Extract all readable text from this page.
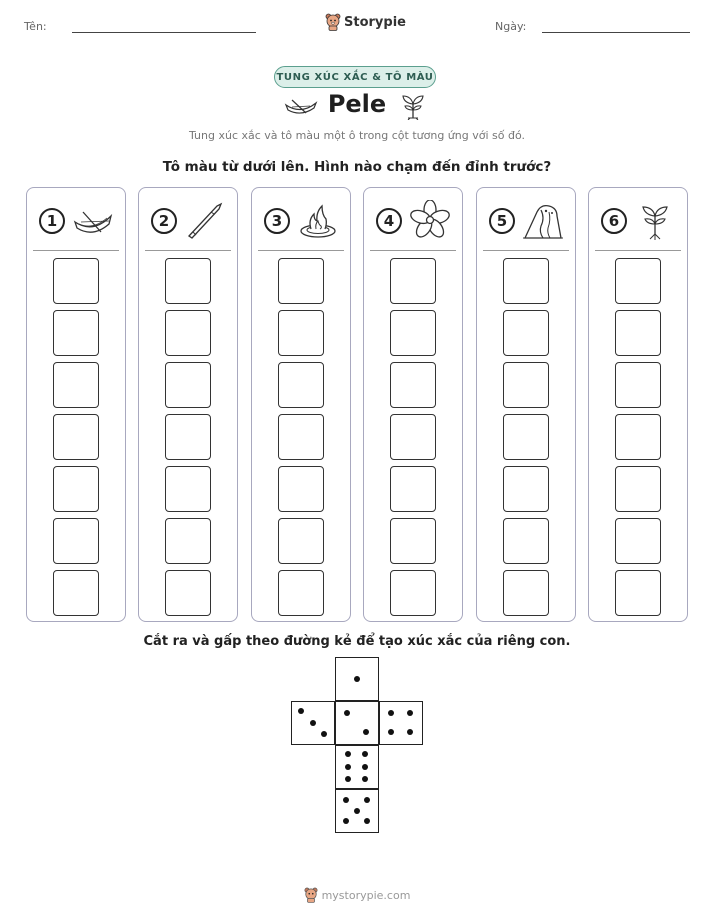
Tên:	Storypie	Ngày:
TUNG XÚC XẮC & TÔ MÀU
Pele
Tung xúc xắc và tô màu một ô trong cột tương ứng với số đó.
Tô màu từ dưới lên. Hình nào chạm đến đỉnh trước?
1	2	3	4	5	6
Cắt ra và gấp theo đường kẻ để tạo xúc xắc của riêng con.
mystorypie.com
